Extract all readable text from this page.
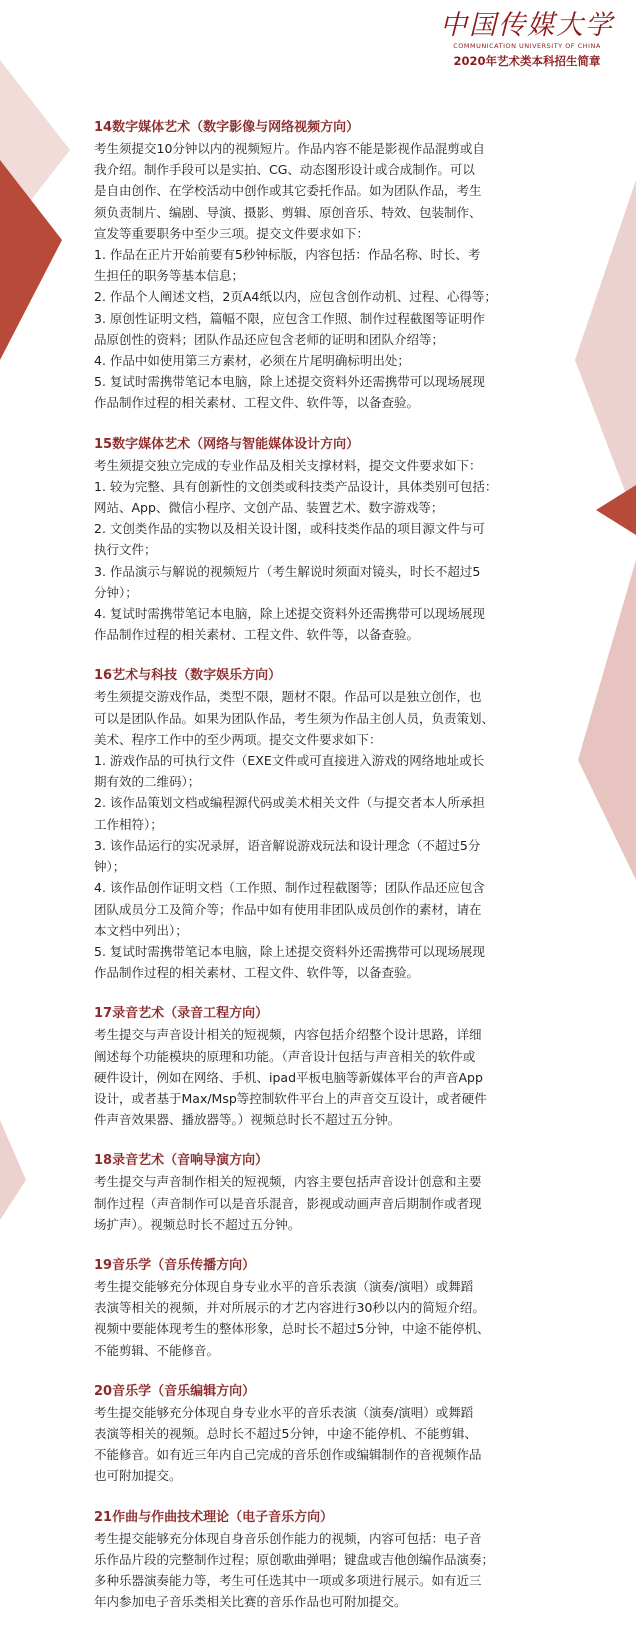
中国传媒大学
COMMUNICATION UNIVERSITY OF CHINA
2020年艺术类本科招生简章
14数字媒体艺术（数字影像与网络视频方向）
考生须提交10分钟以内的视频短片。作品内容不能是影视作品混剪或自
我介绍。制作手段可以是实拍、CG、动态图形设计或合成制作。可以
是自由创作、在学校活动中创作或其它委托作品。如为团队作品，考生
须负责制片、编剧、导演、摄影、剪辑、原创音乐、特效、包装制作、
宣发等重要职务中至少三项。提交文件要求如下：
1. 作品在正片开始前要有5秒钟标版，内容包括：作品名称、时长、考
生担任的职务等基本信息；
2. 作品个人阐述文档，2页A4纸以内，应包含创作动机、过程、心得等；
3. 原创性证明文档，篇幅不限，应包含工作照、制作过程截图等证明作
品原创性的资料；团队作品还应包含老师的证明和团队介绍等；
4. 作品中如使用第三方素材，必须在片尾明确标明出处；
5. 复试时需携带笔记本电脑，除上述提交资料外还需携带可以现场展现
作品制作过程的相关素材、工程文件、软件等，以备查验。
15数字媒体艺术（网络与智能媒体设计方向）
考生须提交独立完成的专业作品及相关支撑材料，提交文件要求如下：
1. 较为完整、具有创新性的文创类或科技类产品设计，具体类别可包括：
网站、App、微信小程序、文创产品、装置艺术、数字游戏等；
2. 文创类作品的实物以及相关设计图，或科技类作品的项目源文件与可
执行文件；
3. 作品演示与解说的视频短片（考生解说时须面对镜头，时长不超过5
分钟）；
4. 复试时需携带笔记本电脑，除上述提交资料外还需携带可以现场展现
作品制作过程的相关素材、工程文件、软件等，以备查验。
16艺术与科技（数字娱乐方向）
考生须提交游戏作品，类型不限，题材不限。作品可以是独立创作，也
可以是团队作品。如果为团队作品，考生须为作品主创人员，负责策划、
美术、程序工作中的至少两项。提交文件要求如下：
1. 游戏作品的可执行文件（EXE文件或可直接进入游戏的网络地址或长
期有效的二维码）；
2. 该作品策划文档或编程源代码或美术相关文件（与提交者本人所承担
工作相符）；
3. 该作品运行的实况录屏，语音解说游戏玩法和设计理念（不超过5分
钟）；
4. 该作品创作证明文档（工作照、制作过程截图等；团队作品还应包含
团队成员分工及简介等；作品中如有使用非团队成员创作的素材，请在
本文档中列出）；
5. 复试时需携带笔记本电脑，除上述提交资料外还需携带可以现场展现
作品制作过程的相关素材、工程文件、软件等，以备查验。
17录音艺术（录音工程方向）
考生提交与声音设计相关的短视频，内容包括介绍整个设计思路，详细
阐述每个功能模块的原理和功能。（声音设计包括与声音相关的软件或
硬件设计，例如在网络、手机、ipad平板电脑等新媒体平台的声音App
设计，或者基于Max/Msp等控制软件平台上的声音交互设计，或者硬件
件声音效果器、播放器等。）视频总时长不超过五分钟。
18录音艺术（音响导演方向）
考生提交与声音制作相关的短视频，内容主要包括声音设计创意和主要
制作过程（声音制作可以是音乐混音，影视或动画声音后期制作或者现
场扩声）。视频总时长不超过五分钟。
19音乐学（音乐传播方向）
考生提交能够充分体现自身专业水平的音乐表演（演奏/演唱）或舞蹈
表演等相关的视频，并对所展示的才艺内容进行30秒以内的简短介绍。
视频中要能体现考生的整体形象，总时长不超过5分钟，中途不能停机、
不能剪辑、不能修音。
20音乐学（音乐编辑方向）
考生提交能够充分体现自身专业水平的音乐表演（演奏/演唱）或舞蹈
表演等相关的视频。总时长不超过5分钟，中途不能停机、不能剪辑、
不能修音。如有近三年内自己完成的音乐创作或编辑制作的音视频作品
也可附加提交。
21作曲与作曲技术理论（电子音乐方向）
考生提交能够充分体现自身音乐创作能力的视频，内容可包括：电子音
乐作品片段的完整制作过程；原创歌曲弹唱；键盘或吉他创编作品演奏；
多种乐器演奏能力等，考生可任选其中一项或多项进行展示。如有近三
年内参加电子音乐类相关比赛的音乐作品也可附加提交。
